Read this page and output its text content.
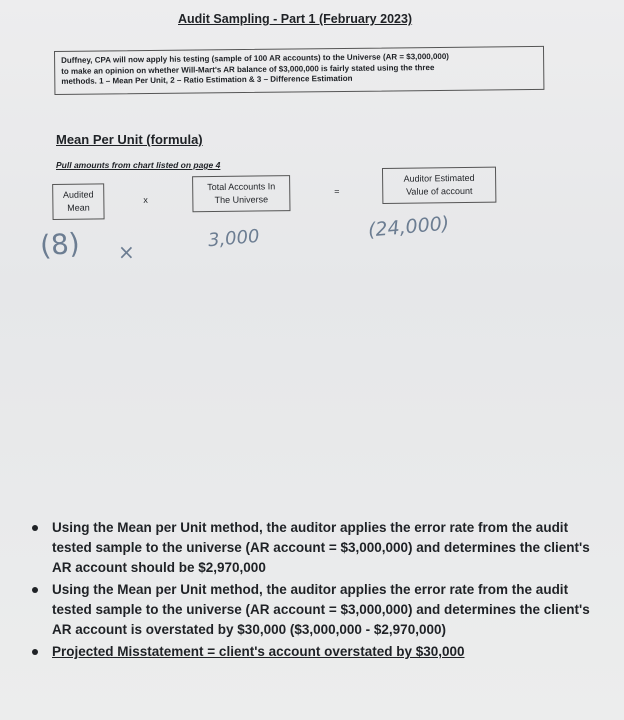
Audit Sampling - Part 1 (February 2023)
Duffney, CPA will now apply his testing (sample of 100 AR accounts) to the Universe (AR = $3,000,000)
to make an opinion on whether Will-Mart's AR balance of $3,000,000 is fairly stated using the three
methods. 1 – Mean Per Unit, 2 – Ratio Estimation & 3 – Difference Estimation
Mean Per Unit (formula)
Pull amounts from chart listed on page 4
Audited
Mean
x
Total Accounts In
The Universe
=
Auditor Estimated
Value of account
(8) ×
3,000	(24,000)
Using the Mean per Unit method, the auditor applies the error rate from the audit tested sample to the universe (AR account = $3,000,000) and determines the client's AR account should be $2,970,000
Using the Mean per Unit method, the auditor applies the error rate from the audit tested sample to the universe (AR account = $3,000,000) and determines the client's AR account is overstated by $30,000 ($3,000,000 - $2,970,000)
Projected Misstatement = client's account overstated by $30,000
